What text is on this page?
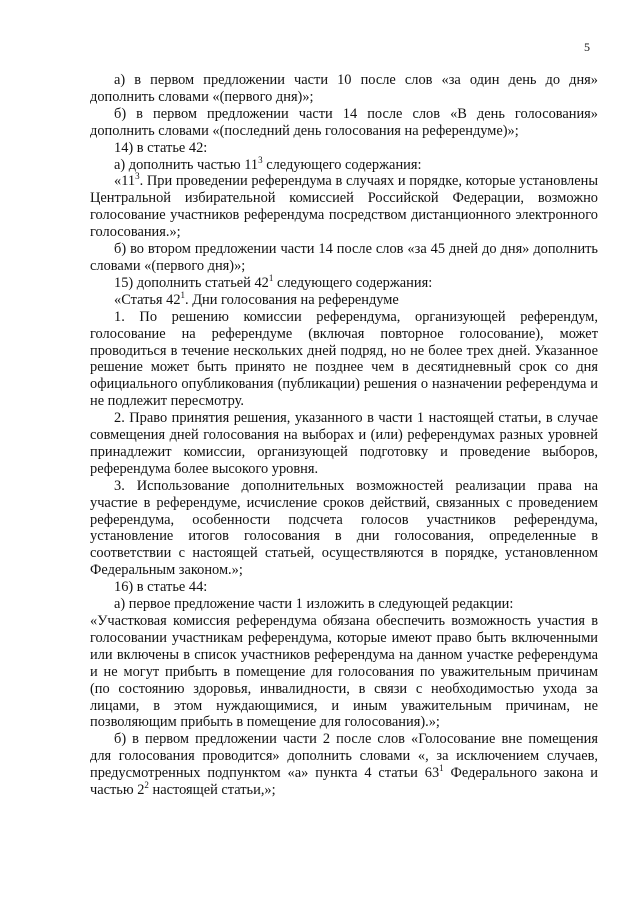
5

а) в первом предложении части 10 после слов «за один день до дня» дополнить словами «(первого дня)»;

б) в первом предложении части 14 после слов «В день голосования» дополнить словами «(последний день голосования на референдуме)»;

14) в статье 42:

а) дополнить частью $11^3$ следующего содержания:

«$11^3$. При проведении референдума в случаях и порядке, которые установлены Центральной избирательной комиссией Российской Федерации, возможно голосование участников референдума посредством дистанционного электронного голосования.»;

б) во втором предложении части 14 после слов «за 45 дней до дня» дополнить словами «(первого дня)»;

15) дополнить статьей $42^1$ следующего содержания:

«Статья $42^1$. Дни голосования на референдуме

1. По решению комиссии референдума, организующей референдум, голосование на референдуме (включая повторное голосование), может проводиться в течение нескольких дней подряд, но не более трех дней. Указанное решение может быть принято не позднее чем в десятидневный срок со дня официального опубликования (публикации) решения о назначении референдума и не подлежит пересмотру.

2. Право принятия решения, указанного в части 1 настоящей статьи, в случае совмещения дней голосования на выборах и (или) референдумах разных уровней принадлежит комиссии, организующей подготовку и проведение выборов, референдума более высокого уровня.

3. Использование дополнительных возможностей реализации права на участие в референдуме, исчисление сроков действий, связанных с проведением референдума, особенности подсчета голосов участников референдума, установление итогов голосования в дни голосования, определенные в соответствии с настоящей статьей, осуществляются в порядке, установленном Федеральным законом.»;

16) в статье 44:

а) первое предложение части 1 изложить в следующей редакции:

«Участковая комиссия референдума обязана обеспечить возможность участия в голосовании участникам референдума, которые имеют право быть включенными или включены в список участников референдума на данном участке референдума и не могут прибыть в помещение для голосования по уважительным причинам (по состоянию здоровья, инвалидности, в связи с необходимостью ухода за лицами, в этом нуждающимися, и иным уважительным причинам, не позволяющим прибыть в помещение для голосования).»;

б) в первом предложении части 2 после слов «Голосование вне помещения для голосования проводится» дополнить словами «, за исключением случаев, предусмотренных подпунктом «а» пункта 4 статьи $63^1$ Федерального закона и частью $2^2$ настоящей статьи,»;
